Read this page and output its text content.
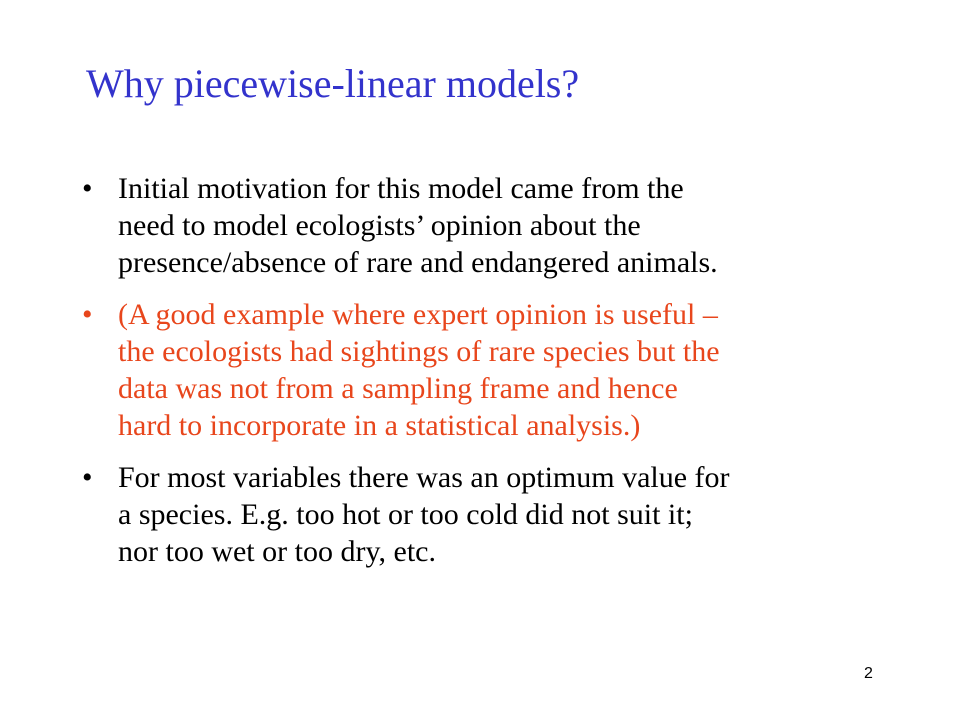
Why piecewise-linear models?
• Initial motivation for this model came from the
need to model ecologists’ opinion about the
presence/absence of rare and endangered animals.
• (A good example where expert opinion is useful –
the ecologists had sightings of rare species but the
data was not from a sampling frame and hence
hard to incorporate in a statistical analysis.)
• For most variables there was an optimum value for
a species. E.g. too hot or too cold did not suit it;
nor too wet or too dry, etc.
2
